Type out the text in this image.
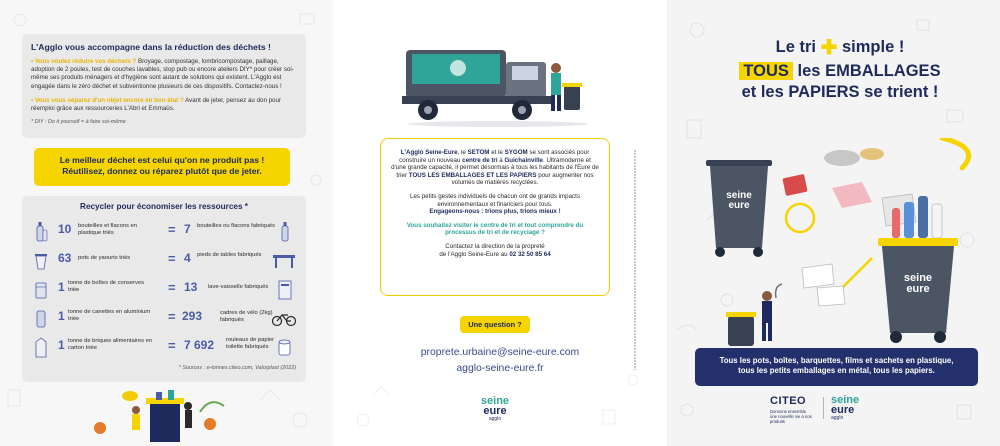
L'Agglo vous accompagne dans la réduction des déchets !

• Vous voulez réduire vos déchets ? Broyage, compostage, lombricompostage, paillage, adoption de 2 poules, test de couches lavables, stop pub ou encore ateliers DIY* pour créer soi-même ses produits ménagers et d'hygiène sont autant de solutions qui existent. L'Agglo est engagée dans le zéro déchet et subventionne plusieurs de ces dispositifs. Contactez-nous !

• Vous vous séparez d'un objet encore en bon état ? Avant de jeter, pensez au don pour réemploi grâce aux ressourceries L'Abri et Emmaüs.

* DIY : Do it yourself = à faire soi-même
Le meilleur déchet est celui qu'on ne produit pas !
Réutilisez, donnez ou réparez plutôt que de jeter.
Recycler pour économiser les ressources *
10 bouteilles et flacons en plastique triés	= 7 bouteilles ou flacons fabriqués
63 pots de yaourts triés	= 4 pieds de tables fabriqués
1 tonne de boîtes de conserves triée	= 13 lave-vaisselle fabriqués
1 tonne de canettes en aluminium triée	= 293	cadres de vélo (2kg) fabriqués
1 tonne de briques alimentaires en carton triée	= 7 692 rouleaux de papier toilette fabriqués
* Sources : e-tonnes.citeo.com, Valorplast (2022)

L'Agglo Seine-Eure, le SETOM et le SYGOM se sont associés pour construire un nouveau centre de tri à Guichainville. Ultramoderne et d'une grande capacité, il permet désormais à tous les habitants de l'Eure de trier TOUS LES EMBALLAGES ET LES PAPIERS pour augmenter nos volumes de matières recyclées.

Les petits gestes individuels de chacun ont de grands impacts environnementaux et financiers pour tous.
Engageons-nous : trions plus, trions mieux !

Vous souhaitez visiter le centre de tri et tout comprendre du processus de tri et de recyclage ?

Contactez la direction de la propreté
de l'Agglo Seine-Eure au 02 32 50 85 64

Une question ?
proprete.urbaine@seine-eure.com
agglo-seine-eure.fr
seine
eure
agglo
Le tri ✚ simple !
TOUS les EMBALLAGES
et les PAPIERS se trient !
seine
eure
seine
eure
Tous les pots, boîtes, barquettes, films et sachets en plastique,
tous les petits emballages en métal, tous les papiers.
CITEO
Donnons ensemble une nouvelle vie à nos produits
seine
eure
agglo
